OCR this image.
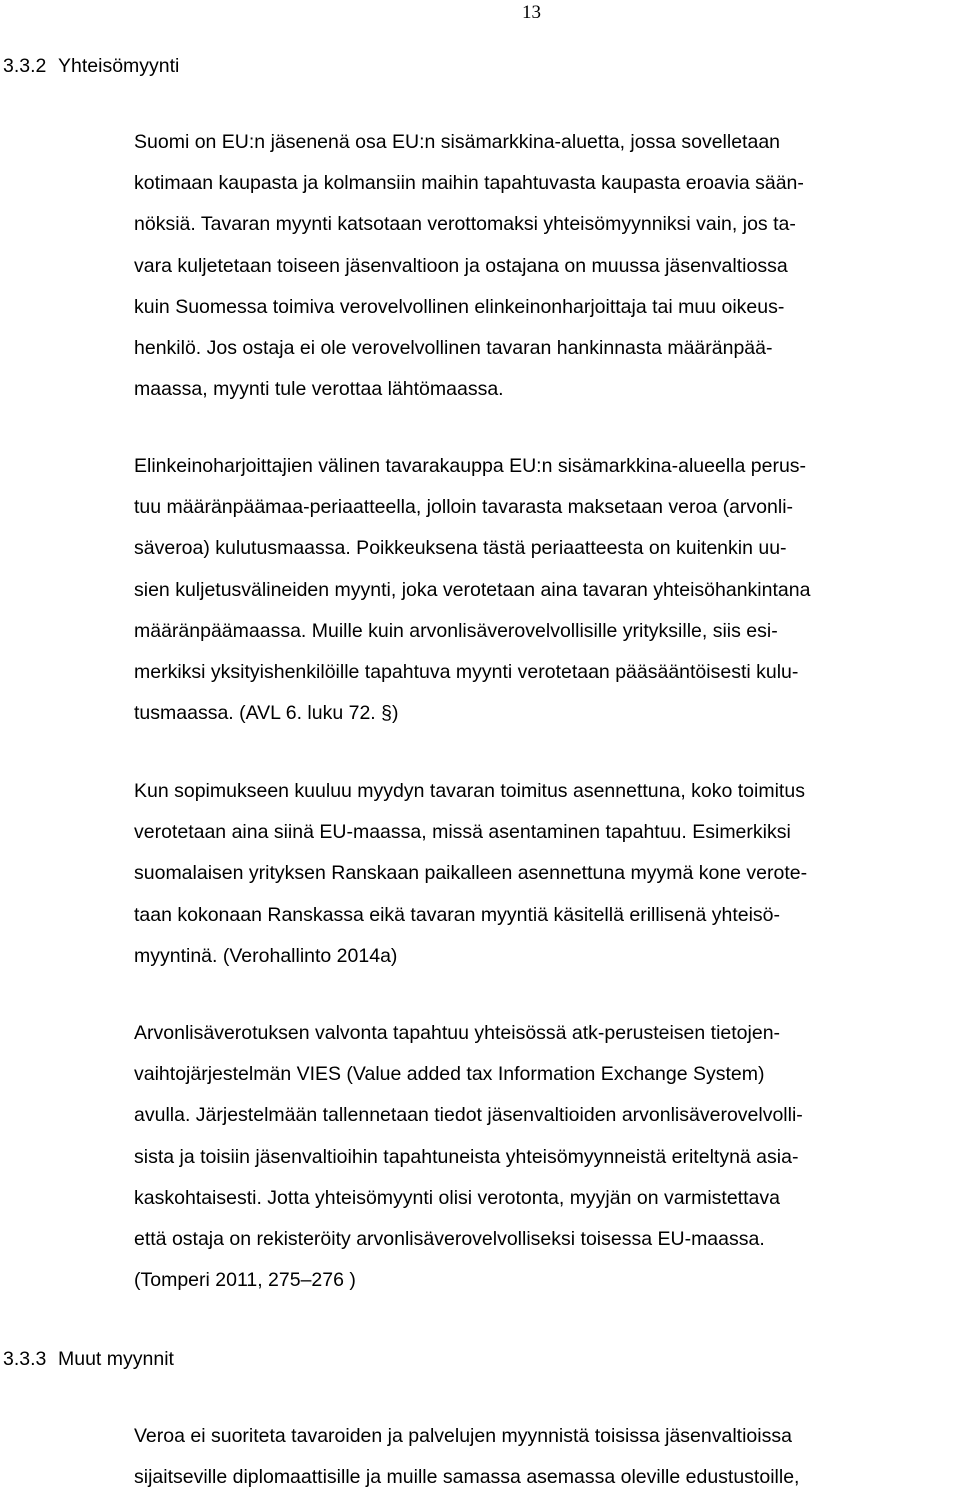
13
3.3.2 Yhteisömyynti
Suomi on EU:n jäsenenä osa EU:n sisämarkkina-aluetta, jossa sovelletaan
kotimaan kaupasta ja kolmansiin maihin tapahtuvasta kaupasta eroavia sään-
nöksiä. Tavaran myynti katsotaan verottomaksi yhteisömyynniksi vain, jos ta-
vara kuljetetaan toiseen jäsenvaltioon ja ostajana on muussa jäsenvaltiossa
kuin Suomessa toimiva verovelvollinen elinkeinonharjoittaja tai muu oikeus-
henkilö. Jos ostaja ei ole verovelvollinen tavaran hankinnasta määränpää-
maassa, myynti tule verottaa lähtömaassa.
Elinkeinoharjoittajien välinen tavarakauppa EU:n sisämarkkina-alueella perus-
tuu määränpäämaa-periaatteella, jolloin tavarasta maksetaan veroa (arvonli-
säveroa) kulutusmaassa. Poikkeuksena tästä periaatteesta on kuitenkin uu-
sien kuljetusvälineiden myynti, joka verotetaan aina tavaran yhteisöhankintana
määränpäämaassa. Muille kuin arvonlisäverovelvollisille yrityksille, siis esi-
merkiksi yksityishenkilöille tapahtuva myynti verotetaan pääsääntöisesti kulu-
tusmaassa. (AVL 6. luku 72. §)
Kun sopimukseen kuuluu myydyn tavaran toimitus asennettuna, koko toimitus
verotetaan aina siinä EU-maassa, missä asentaminen tapahtuu. Esimerkiksi
suomalaisen yrityksen Ranskaan paikalleen asennettuna myymä kone verote-
taan kokonaan Ranskassa eikä tavaran myyntiä käsitellä erillisenä yhteisö-
myyntinä. (Verohallinto 2014a)
Arvonlisäverotuksen valvonta tapahtuu yhteisössä atk-perusteisen tietojen-
vaihtojärjestelmän VIES (Value added tax Information Exchange System)
avulla. Järjestelmään tallennetaan tiedot jäsenvaltioiden arvonlisäverovelvolli-
sista ja toisiin jäsenvaltioihin tapahtuneista yhteisömyynneistä eriteltynä asia-
kaskohtaisesti. Jotta yhteisömyynti olisi verotonta, myyjän on varmistettava
että ostaja on rekisteröity arvonlisäverovelvolliseksi toisessa EU-maassa.
(Tomperi 2011, 275–276 )
3.3.3 Muut myynnit
Veroa ei suoriteta tavaroiden ja palvelujen myynnistä toisissa jäsenvaltioissa
sijaitseville diplomaattisille ja muille samassa asemassa oleville edustustoille,
